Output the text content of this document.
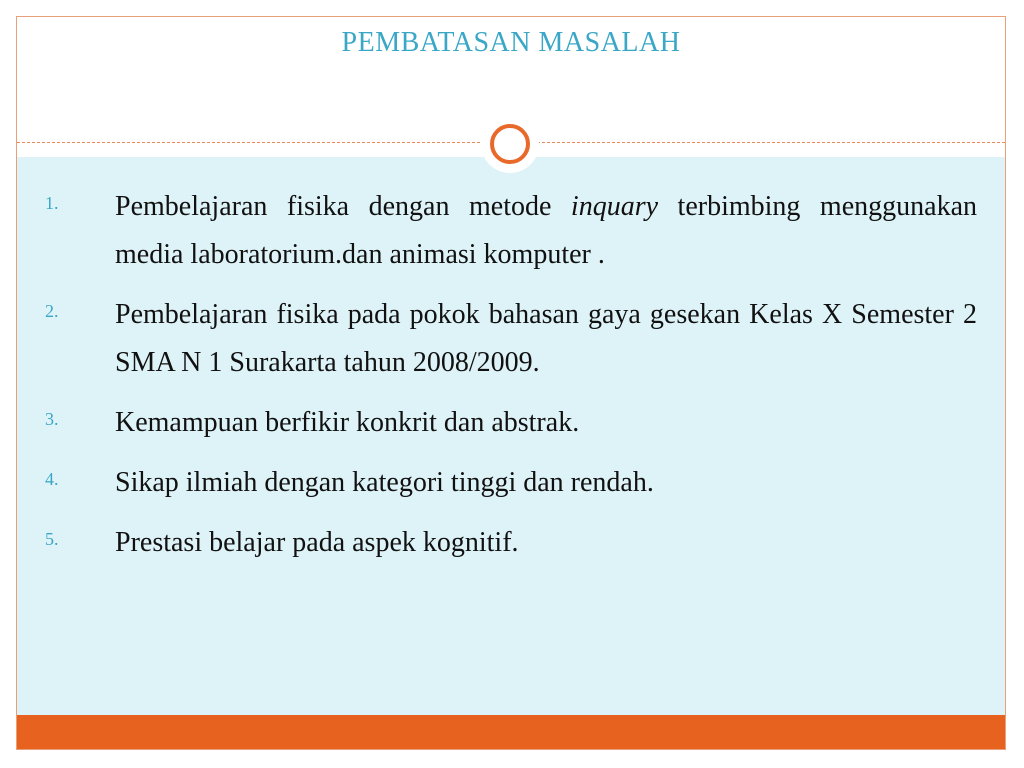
PEMBATASAN MASALAH
1.	Pembelajaran fisika dengan metode inquary terbimbing menggunakan media laboratorium.dan animasi komputer .
2.	Pembelajaran fisika pada pokok bahasan gaya gesekan Kelas X Semester 2 SMA N 1 Surakarta tahun 2008/2009.
3.	Kemampuan berfikir konkrit dan abstrak.
4.	Sikap ilmiah dengan kategori tinggi dan rendah.
5.	Prestasi belajar pada aspek kognitif.
